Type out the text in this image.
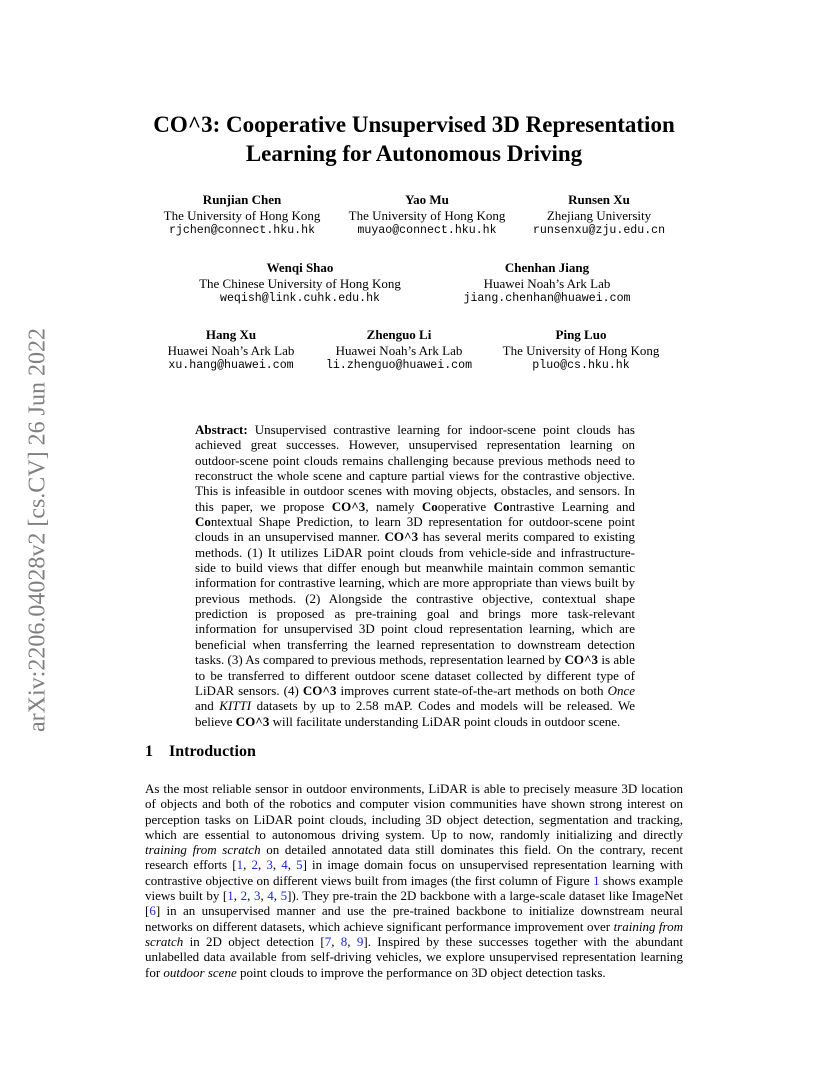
arXiv:2206.04028v2 [cs.CV] 26 Jun 2022
CO^3: Cooperative Unsupervised 3D Representation
Learning for Autonomous Driving
Runjian Chen
The University of Hong Kong
rjchen@connect.hku.hk
Yao Mu
The University of Hong Kong
muyao@connect.hku.hk
Runsen Xu
Zhejiang University
runsenxu@zju.edu.cn
Wenqi Shao
The Chinese University of Hong Kong
weqish@link.cuhk.edu.hk
Chenhan Jiang
Huawei Noah’s Ark Lab
jiang.chenhan@huawei.com
Hang Xu
Huawei Noah’s Ark Lab
xu.hang@huawei.com
Zhenguo Li
Huawei Noah’s Ark Lab
li.zhenguo@huawei.com
Ping Luo
The University of Hong Kong
pluo@cs.hku.hk
Abstract: Unsupervised contrastive learning for indoor-scene point clouds has achieved great successes. However, unsupervised representation learning on outdoor-scene point clouds remains challenging because previous methods need to reconstruct the whole scene and capture partial views for the contrastive objective. This is infeasible in outdoor scenes with moving objects, obstacles, and sensors. In this paper, we propose CO^3, namely Cooperative Contrastive Learning and Contextual Shape Prediction, to learn 3D representation for outdoor-scene point clouds in an unsupervised manner. CO^3 has several merits compared to existing methods. (1) It utilizes LiDAR point clouds from vehicle-side and infrastructure-side to build views that differ enough but meanwhile maintain common semantic information for contrastive learning, which are more appropriate than views built by previous methods. (2) Alongside the contrastive objective, contextual shape prediction is proposed as pre-training goal and brings more task-relevant information for unsupervised 3D point cloud representation learning, which are beneficial when transferring the learned representation to downstream detection tasks. (3) As compared to previous methods, representation learned by CO^3 is able to be transferred to different outdoor scene dataset collected by different type of LiDAR sensors. (4) CO^3 improves current state-of-the-art methods on both Once and KITTI datasets by up to 2.58 mAP. Codes and models will be released. We believe CO^3 will facilitate understanding LiDAR point clouds in outdoor scene.
1 Introduction
As the most reliable sensor in outdoor environments, LiDAR is able to precisely measure 3D location of objects and both of the robotics and computer vision communities have shown strong interest on perception tasks on LiDAR point clouds, including 3D object detection, segmentation and tracking, which are essential to autonomous driving system. Up to now, randomly initializing and directly training from scratch on detailed annotated data still dominates this field. On the contrary, recent research efforts [1, 2, 3, 4, 5] in image domain focus on unsupervised representation learning with contrastive objective on different views built from images (the first column of Figure 1 shows example views built by [1, 2, 3, 4, 5]). They pre-train the 2D backbone with a large-scale dataset like ImageNet [6] in an unsupervised manner and use the pre-trained backbone to initialize downstream neural networks on different datasets, which achieve significant performance improvement over training from scratch in 2D object detection [7, 8, 9]. Inspired by these successes together with the abundant unlabelled data available from self-driving vehicles, we explore unsupervised representation learning for outdoor scene point clouds to improve the performance on 3D object detection tasks.
